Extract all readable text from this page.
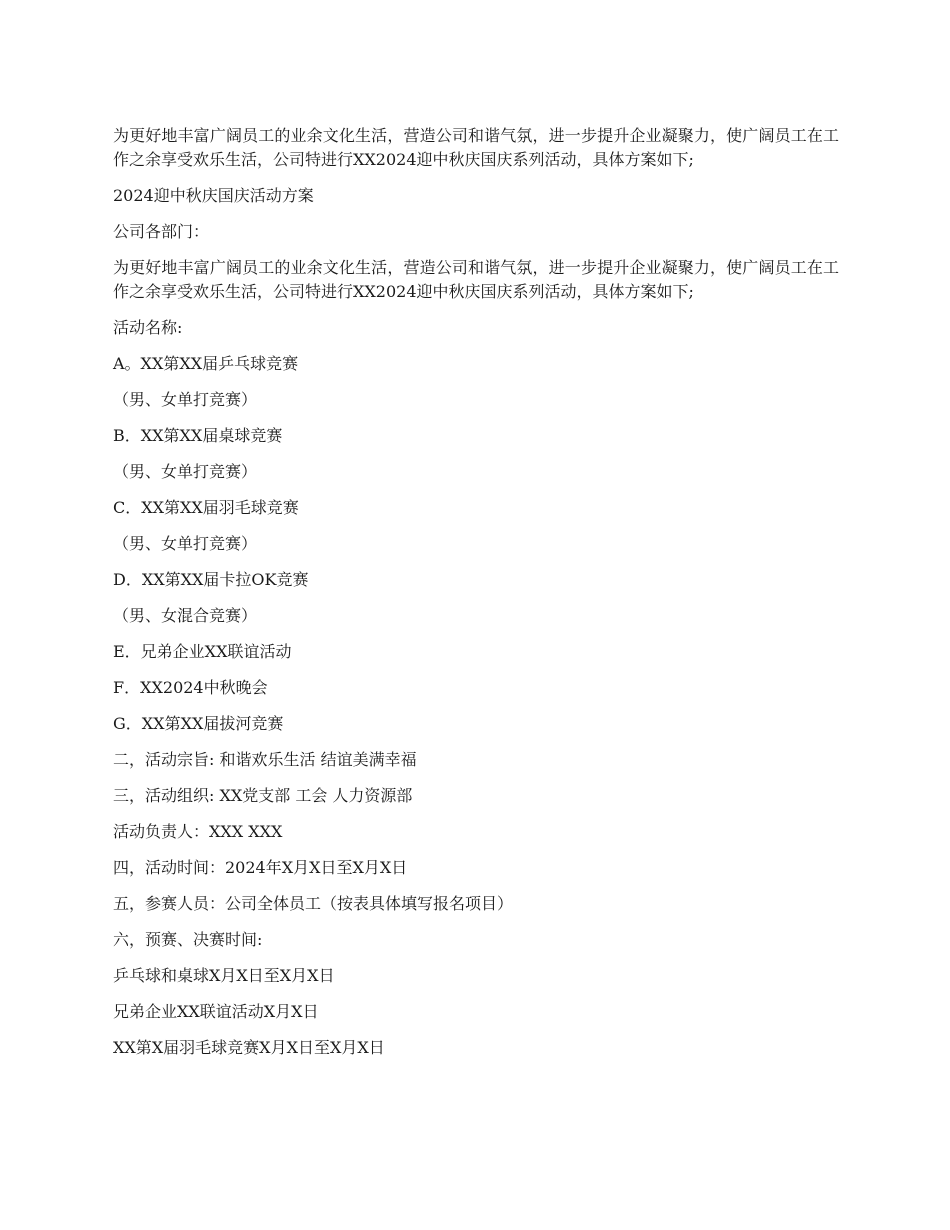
为更好地丰富广阔员工的业余文化生活，营造公司和谐气氛，进一步提升企业凝聚力，使广阔员工在工作之余享受欢乐生活，公司特进行XX2024迎中秋庆国庆系列活动，具体方案如下;

2024迎中秋庆国庆活动方案

公司各部门：

为更好地丰富广阔员工的业余文化生活，营造公司和谐气氛，进一步提升企业凝聚力，使广阔员工在工作之余享受欢乐生活，公司特进行XX2024迎中秋庆国庆系列活动，具体方案如下;

活动名称:

A。XX第XX届乒乓球竞赛

（男、女单打竞赛）

B．XX第XX届桌球竞赛

（男、女单打竞赛）

C．XX第XX届羽毛球竞赛

（男、女单打竞赛）

D．XX第XX届卡拉OK竞赛

（男、女混合竞赛）

E．兄弟企业XX联谊活动

F．XX2024中秋晚会

G．XX第XX届拔河竞赛

二，活动宗旨: 和谐欢乐生活 结谊美满幸福

三，活动组织: XX党支部 工会 人力资源部

活动负责人：XXX XXX

四，活动时间：2024年X月X日至X月X日

五，参赛人员：公司全体员工（按表具体填写报名项目）

六，预赛、决赛时间:

乒乓球和桌球X月X日至X月X日

兄弟企业XX联谊活动X月X日

XX第X届羽毛球竞赛X月X日至X月X日
